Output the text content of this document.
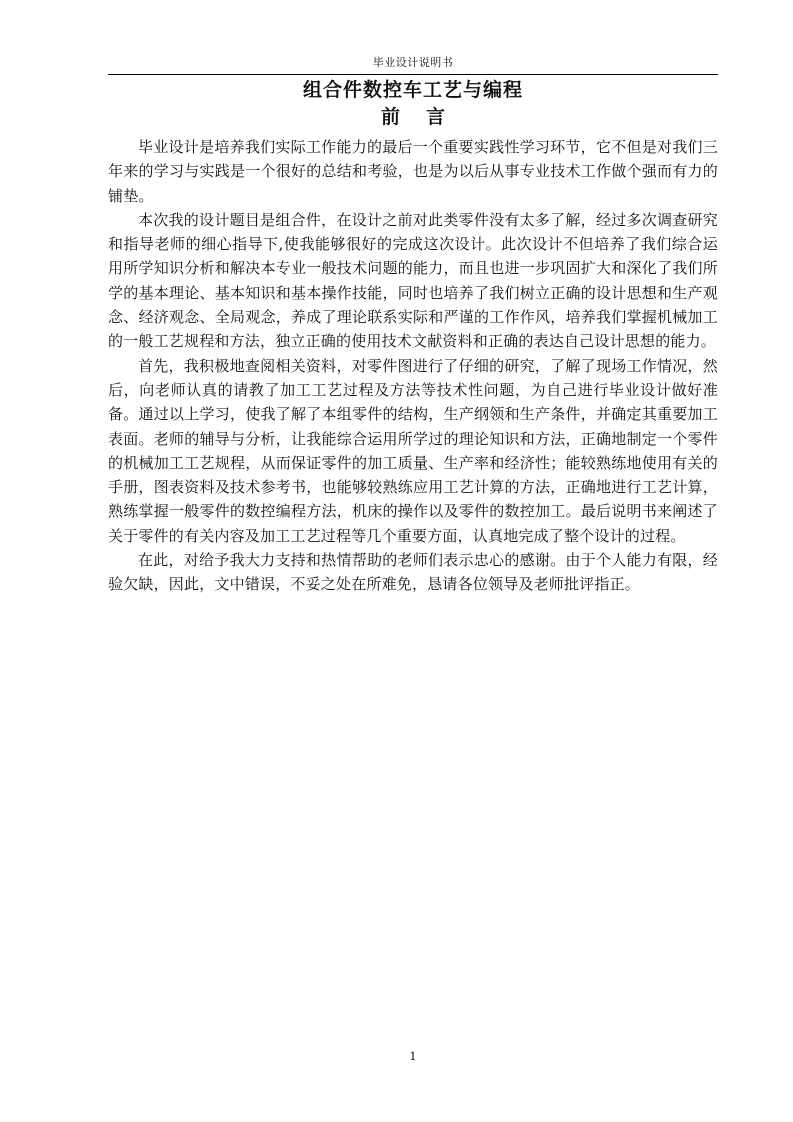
毕业设计说明书
组合件数控车工艺与编程
前言

毕业设计是培养我们实际工作能力的最后一个重要实践性学习环节，它不但是对我们三年来的学习与实践是一个很好的总结和考验，也是为以后从事专业技术工作做个强而有力的铺垫。

本次我的设计题目是组合件，在设计之前对此类零件没有太多了解，经过多次调查研究和指导老师的细心指导下,使我能够很好的完成这次设计。此次设计不但培养了我们综合运用所学知识分析和解决本专业一般技术问题的能力，而且也进一步巩固扩大和深化了我们所学的基本理论、基本知识和基本操作技能，同时也培养了我们树立正确的设计思想和生产观念、经济观念、全局观念，养成了理论联系实际和严谨的工作作风，培养我们掌握机械加工的一般工艺规程和方法，独立正确的使用技术文献资料和正确的表达自己设计思想的能力。

首先，我积极地查阅相关资料，对零件图进行了仔细的研究，了解了现场工作情况，然后，向老师认真的请教了加工工艺过程及方法等技术性问题，为自己进行毕业设计做好准备。通过以上学习，使我了解了本组零件的结构，生产纲领和生产条件，并确定其重要加工表面。老师的辅导与分析，让我能综合运用所学过的理论知识和方法，正确地制定一个零件的机械加工工艺规程，从而保证零件的加工质量、生产率和经济性；能较熟练地使用有关的手册，图表资料及技术参考书，也能够较熟练应用工艺计算的方法，正确地进行工艺计算，熟练掌握一般零件的数控编程方法，机床的操作以及零件的数控加工。最后说明书来阐述了关于零件的有关内容及加工工艺过程等几个重要方面，认真地完成了整个设计的过程。

在此，对给予我大力支持和热情帮助的老师们表示忠心的感谢。由于个人能力有限，经验欠缺，因此，文中错误，不妥之处在所难免，恳请各位领导及老师批评指正。

1
